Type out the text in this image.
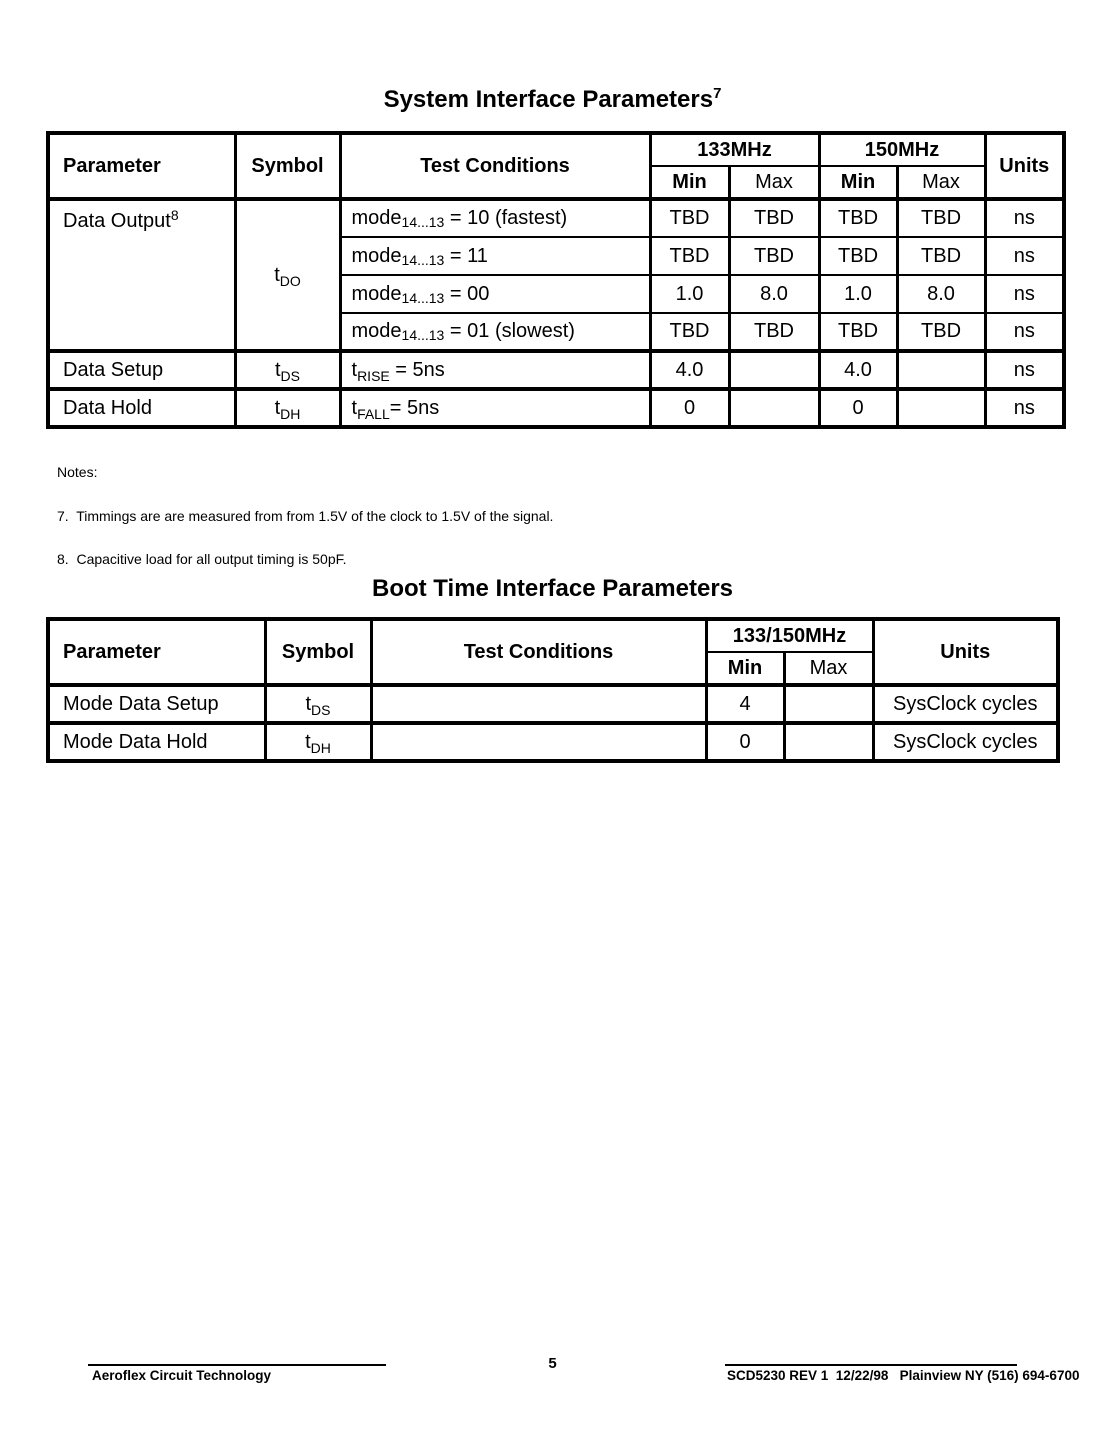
System Interface Parameters$^7$
Parameter	Symbol	Test Conditions	133MHz		150MHz		Units
			Min	Max	Min	Max	
Data Output$^8$	$t_{DO}$	mode14...13 = 10 (fastest)	TBD	TBD	TBD	TBD	ns
		mode14...13 = 11	TBD	TBD	TBD	TBD	ns
		mode14...13 = 00	1.0	8.0	1.0	8.0	ns
		mode14...13 = 01 (slowest)	TBD	TBD	TBD	TBD	ns
Data Setup	$t_{DS}$	$t_{RISE} = 5ns$	4.0		4.0		ns
Data Hold	$t_{DH}$	$t_{FALL}= 5ns$	0		0		ns

Notes:

7.  Timmings are are measured from from 1.5V of the clock to 1.5V of the signal.

8.  Capacitive load for all output timing is 50pF.

Boot Time Interface Parameters
Parameter	Symbol	Test Conditions	133/150MHz		Units
			Min	Max	
Mode Data Setup	$t_{DS}$		4		SysClock cycles
Mode Data Hold	$t_{DH}$		0		SysClock cycles
Aeroflex Circuit Technology
5
SCD5230 REV 1  12/22/98   Plainview NY (516) 694-6700
